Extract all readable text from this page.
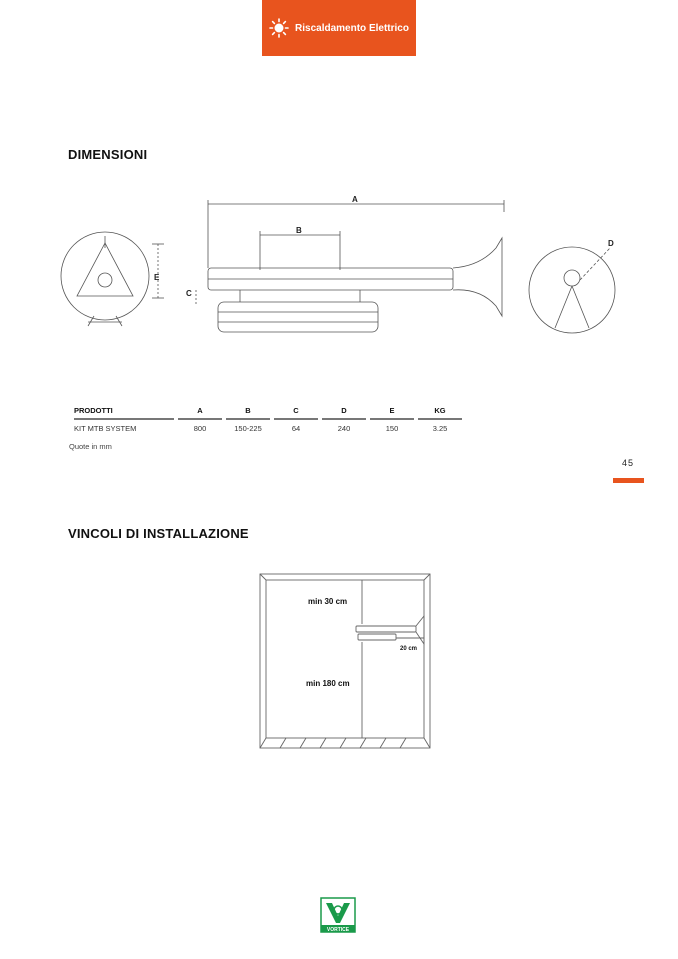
Riscaldamento Elettrico
DIMENSIONI
A
B
C
D
E
PRODOTTI	A	B	C	D	E	KG
KIT MTB SYSTEM	800	150-225	64	240	150	3.25
Quote in mm
45
VINCOLI DI INSTALLAZIONE
min 30 cm
min 180 cm
20 cm
VORTICE
